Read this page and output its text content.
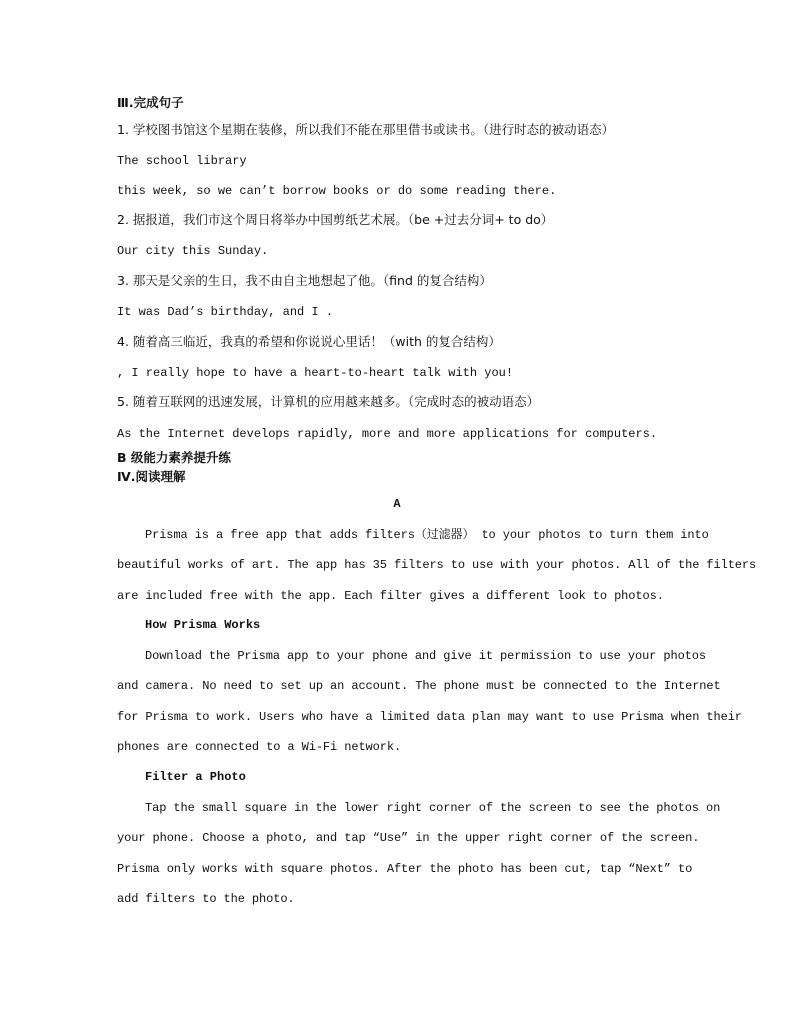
Ⅲ.完成句子
1. 学校图书馆这个星期在装修，所以我们不能在那里借书或读书。（进行时态的被动语态）
The school library
this week, so we can’t borrow books or do some reading there.
2. 据报道，我们市这个周日将举办中国剪纸艺术展。（be +过去分词+ to do）
Our city this Sunday.
3. 那天是父亲的生日，我不由自主地想起了他。（find 的复合结构）
It was Dad’s birthday, and I .
4. 随着高三临近，我真的希望和你说说心里话！（with 的复合结构）
, I really hope to have a heart-to-heart talk with you!
5. 随着互联网的迅速发展，计算机的应用越来越多。（完成时态的被动语态）
As the Internet develops rapidly, more and more applications for computers.
B 级能力素养提升练
Ⅳ.阅读理解
A
Prisma is a free app that adds filters（过滤器） to your photos to turn them into
beautiful works of art. The app has 35 filters to use with your photos. All of the filters
are included free with the app. Each filter gives a different look to photos.
How Prisma Works
Download the Prisma app to your phone and give it permission to use your photos
and camera. No need to set up an account. The phone must be connected to the Internet
for Prisma to work. Users who have a limited data plan may want to use Prisma when their
phones are connected to a Wi-Fi network.
Filter a Photo
Tap the small square in the lower right corner of the screen to see the photos on
your phone. Choose a photo, and tap “Use” in the upper right corner of the screen.
Prisma only works with square photos. After the photo has been cut, tap “Next” to
add filters to the photo.
